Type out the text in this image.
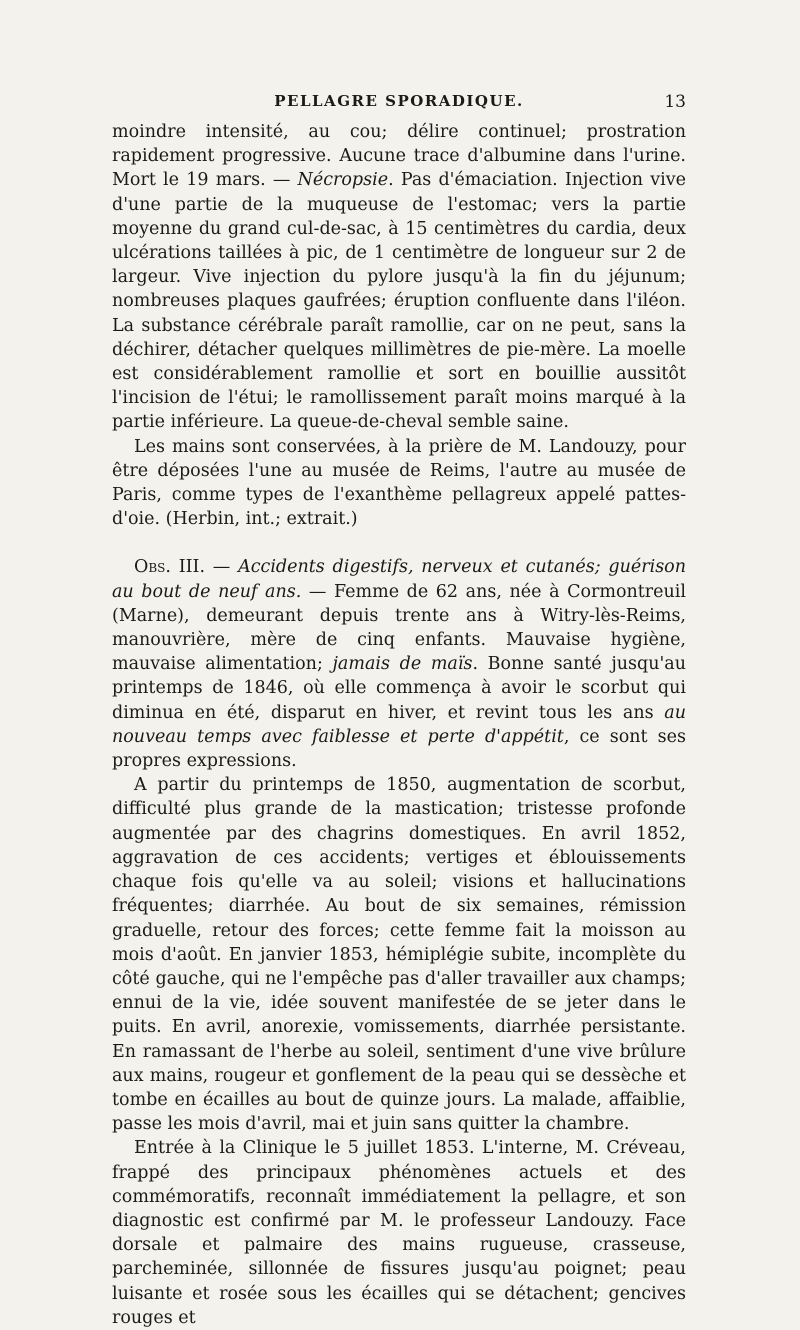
PELLAGRE SPORADIQUE.	13

moindre intensité, au cou; délire continuel; prostration rapidement progressive. Aucune trace d'albumine dans l'urine. Mort le 19 mars. — Nécropsie. Pas d'émaciation. Injection vive d'une partie de la muqueuse de l'estomac; vers la partie moyenne du grand cul-de-sac, à 15 centimètres du cardia, deux ulcérations taillées à pic, de 1 centimètre de longueur sur 2 de largeur. Vive injection du pylore jusqu'à la fin du jéjunum; nombreuses plaques gaufrées; éruption confluente dans l'iléon. La substance cérébrale paraît ramollie, car on ne peut, sans la déchirer, détacher quelques millimètres de pie-mère. La moelle est considérablement ramollie et sort en bouillie aussitôt l'incision de l'étui; le ramollissement paraît moins marqué à la partie inférieure. La queue-de-cheval semble saine.

Les mains sont conservées, à la prière de M. Landouzy, pour être déposées l'une au musée de Reims, l'autre au musée de Paris, comme types de l'exanthème pellagreux appelé pattes-d'oie. (Herbin, int.; extrait.)

Obs. III. — Accidents digestifs, nerveux et cutanés; guérison au bout de neuf ans. — Femme de 62 ans, née à Cormontreuil (Marne), demeurant depuis trente ans à Witry-lès-Reims, manouvrière, mère de cinq enfants. Mauvaise hygiène, mauvaise alimentation; jamais de maïs. Bonne santé jusqu'au printemps de 1846, où elle commença à avoir le scorbut qui diminua en été, disparut en hiver, et revint tous les ans au nouveau temps avec faiblesse et perte d'appétit, ce sont ses propres expressions.

A partir du printemps de 1850, augmentation de scorbut, difficulté plus grande de la mastication; tristesse profonde augmentée par des chagrins domestiques. En avril 1852, aggravation de ces accidents; vertiges et éblouissements chaque fois qu'elle va au soleil; visions et hallucinations fréquentes; diarrhée. Au bout de six semaines, rémission graduelle, retour des forces; cette femme fait la moisson au mois d'août. En janvier 1853, hémiplégie subite, incomplète du côté gauche, qui ne l'empêche pas d'aller travailler aux champs; ennui de la vie, idée souvent manifestée de se jeter dans le puits. En avril, anorexie, vomissements, diarrhée persistante. En ramassant de l'herbe au soleil, sentiment d'une vive brûlure aux mains, rougeur et gonflement de la peau qui se dessèche et tombe en écailles au bout de quinze jours. La malade, affaiblie, passe les mois d'avril, mai et juin sans quitter la chambre.

Entrée à la Clinique le 5 juillet 1853. L'interne, M. Créveau, frappé des principaux phénomènes actuels et des commémoratifs, reconnaît immédiatement la pellagre, et son diagnostic est confirmé par M. le professeur Landouzy. Face dorsale et palmaire des mains rugueuse, crasseuse, parcheminée, sillonnée de fissures jusqu'au poignet; peau luisante et rosée sous les écailles qui se détachent; gencives rouges et
